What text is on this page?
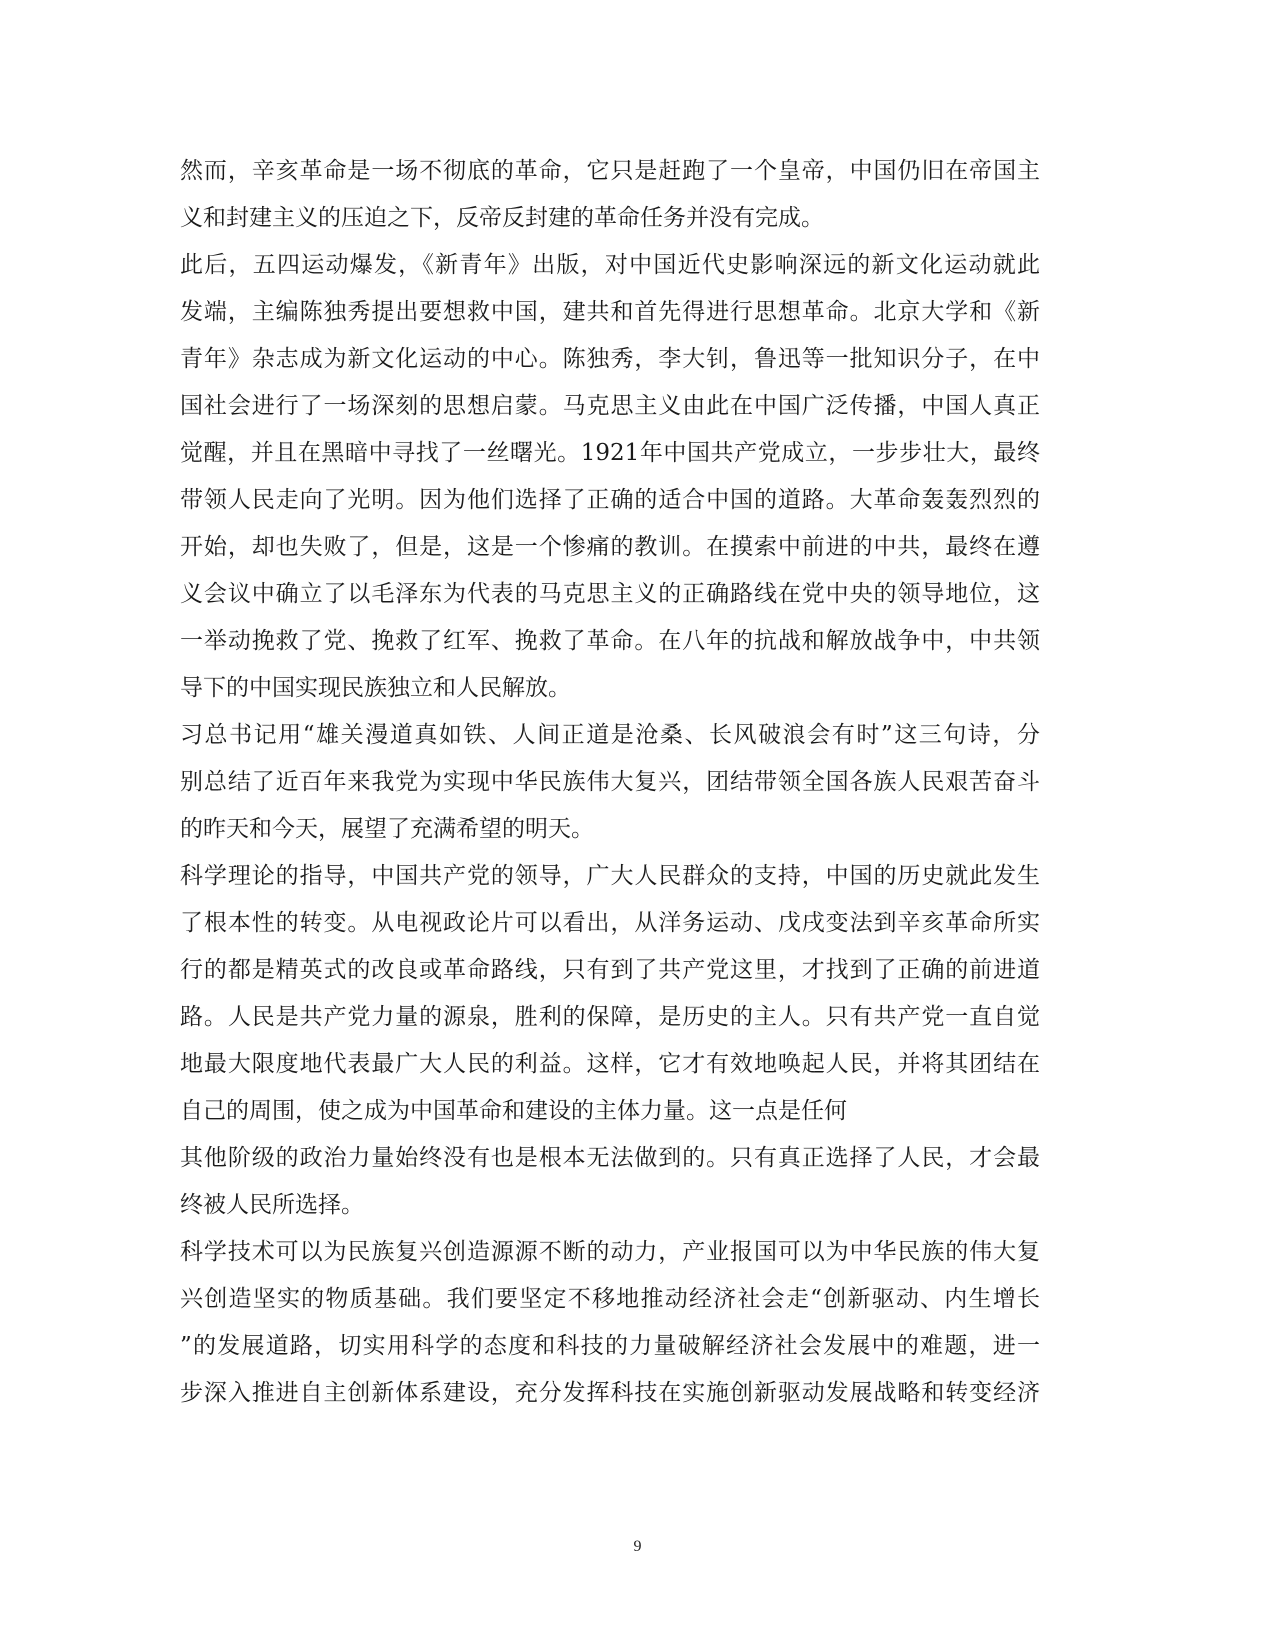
然而，辛亥革命是一场不彻底的革命，它只是赶跑了一个皇帝，中国仍旧在帝国主
义和封建主义的压迫之下，反帝反封建的革命任务并没有完成。
此后，五四运动爆发，《新青年》出版，对中国近代史影响深远的新文化运动就此
发端，主编陈独秀提出要想救中国，建共和首先得进行思想革命。北京大学和《新
青年》杂志成为新文化运动的中心。陈独秀，李大钊，鲁迅等一批知识分子，在中
国社会进行了一场深刻的思想启蒙。马克思主义由此在中国广泛传播，中国人真正
觉醒，并且在黑暗中寻找了一丝曙光。1921年中国共产党成立，一步步壮大，最终
带领人民走向了光明。因为他们选择了正确的适合中国的道路。大革命轰轰烈烈的
开始，却也失败了，但是，这是一个惨痛的教训。在摸索中前进的中共，最终在遵
义会议中确立了以毛泽东为代表的马克思主义的正确路线在党中央的领导地位，这
一举动挽救了党、挽救了红军、挽救了革命。在八年的抗战和解放战争中，中共领
导下的中国实现民族独立和人民解放。
习总书记用“雄关漫道真如铁、人间正道是沧桑、长风破浪会有时”这三句诗，分
别总结了近百年来我党为实现中华民族伟大复兴，团结带领全国各族人民艰苦奋斗
的昨天和今天，展望了充满希望的明天。
科学理论的指导，中国共产党的领导，广大人民群众的支持，中国的历史就此发生
了根本性的转变。从电视政论片可以看出，从洋务运动、戊戌变法到辛亥革命所实
行的都是精英式的改良或革命路线，只有到了共产党这里，才找到了正确的前进道
路。人民是共产党力量的源泉，胜利的保障，是历史的主人。只有共产党一直自觉
地最大限度地代表最广大人民的利益。这样，它才有效地唤起人民，并将其团结在
自己的周围，使之成为中国革命和建设的主体力量。这一点是任何
其他阶级的政治力量始终没有也是根本无法做到的。只有真正选择了人民，才会最
终被人民所选择。
科学技术可以为民族复兴创造源源不断的动力，产业报国可以为中华民族的伟大复
兴创造坚实的物质基础。我们要坚定不移地推动经济社会走“创新驱动、内生增长
”的发展道路，切实用科学的态度和科技的力量破解经济社会发展中的难题，进一
步深入推进自主创新体系建设，充分发挥科技在实施创新驱动发展战略和转变经济
9
